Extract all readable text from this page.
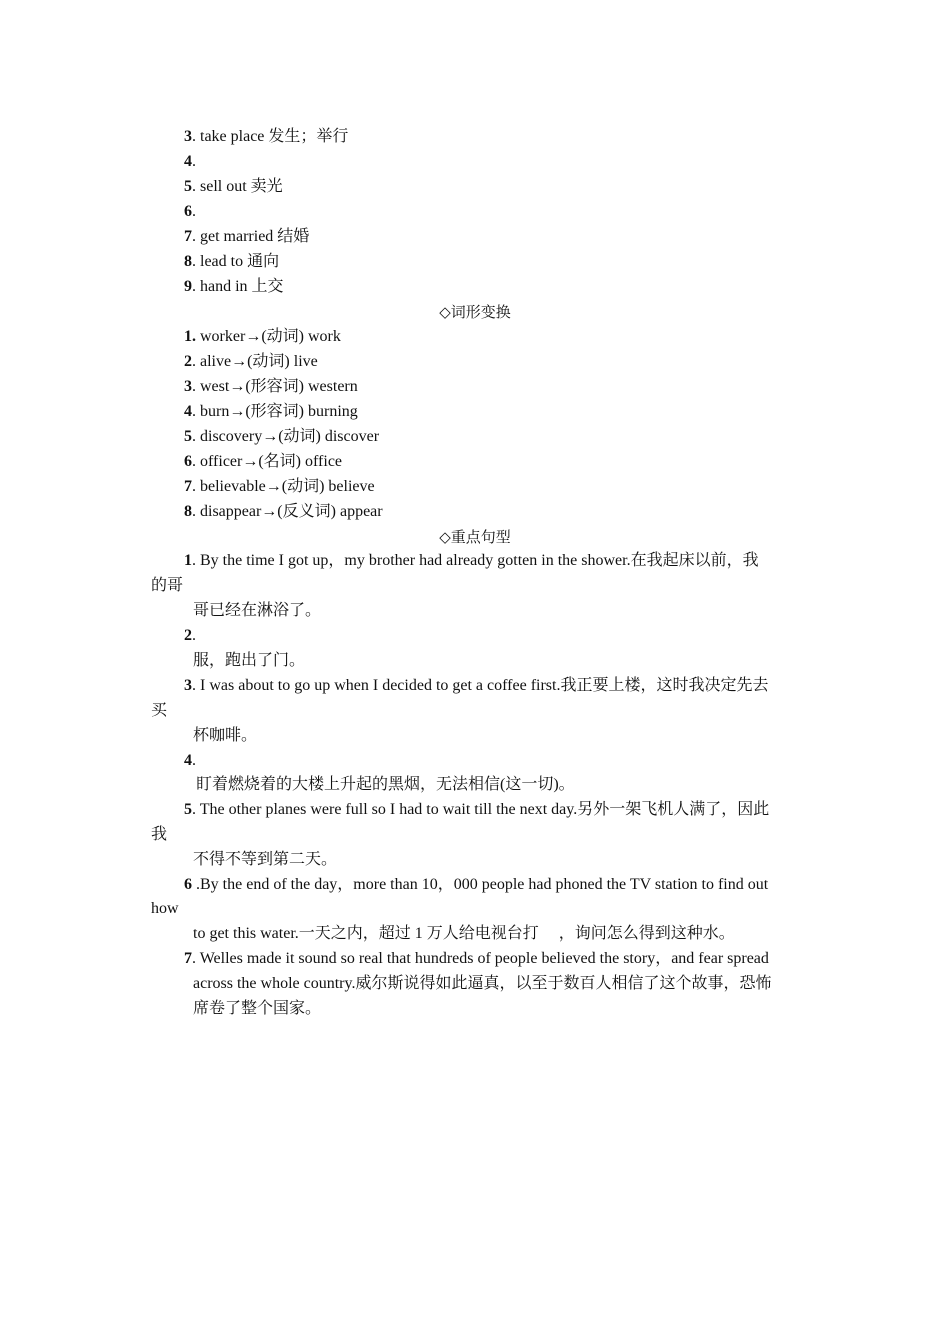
3. take place 发生；举行
4.
5. sell out 卖光
6.
7. get married 结婚
8. lead to 通向
9. hand in 上交
◇词形变换
1. worker→(动词) work
2. alive→(动词) live
3. west→(形容词) western
4. burn→(形容词) burning
5. discovery→(动词) discover
6. officer→(名词) office
7. believable→(动词) believe
8. disappear→(反义词) appear
◇重点句型
1. By the time I got up，my brother had already gotten in the shower.在我起床以前，我
的哥
哥已经在淋浴了。
2.
服，跑出了门。
3. I was about to go up when I decided to get a coffee first.我正要上楼，这时我决定先去
买
杯咖啡。
4.
盯着燃烧着的大楼上升起的黑烟，无法相信(这一切)。
5. The other planes were full so I had to wait till the next day.另外一架飞机人满了，因此
我
不得不等到第二天。
6 .By the end of the day，more than 10，000 people had phoned the TV station to find out
how
to get this water.一天之内，超过 1 万人给电视台打　 ，询问怎么得到这种水。
7. Welles made it sound so real that hundreds of people believed the story，and fear spread
across the whole country.威尔斯说得如此逼真，以至于数百人相信了这个故事，恐怖
席卷了整个国家。
